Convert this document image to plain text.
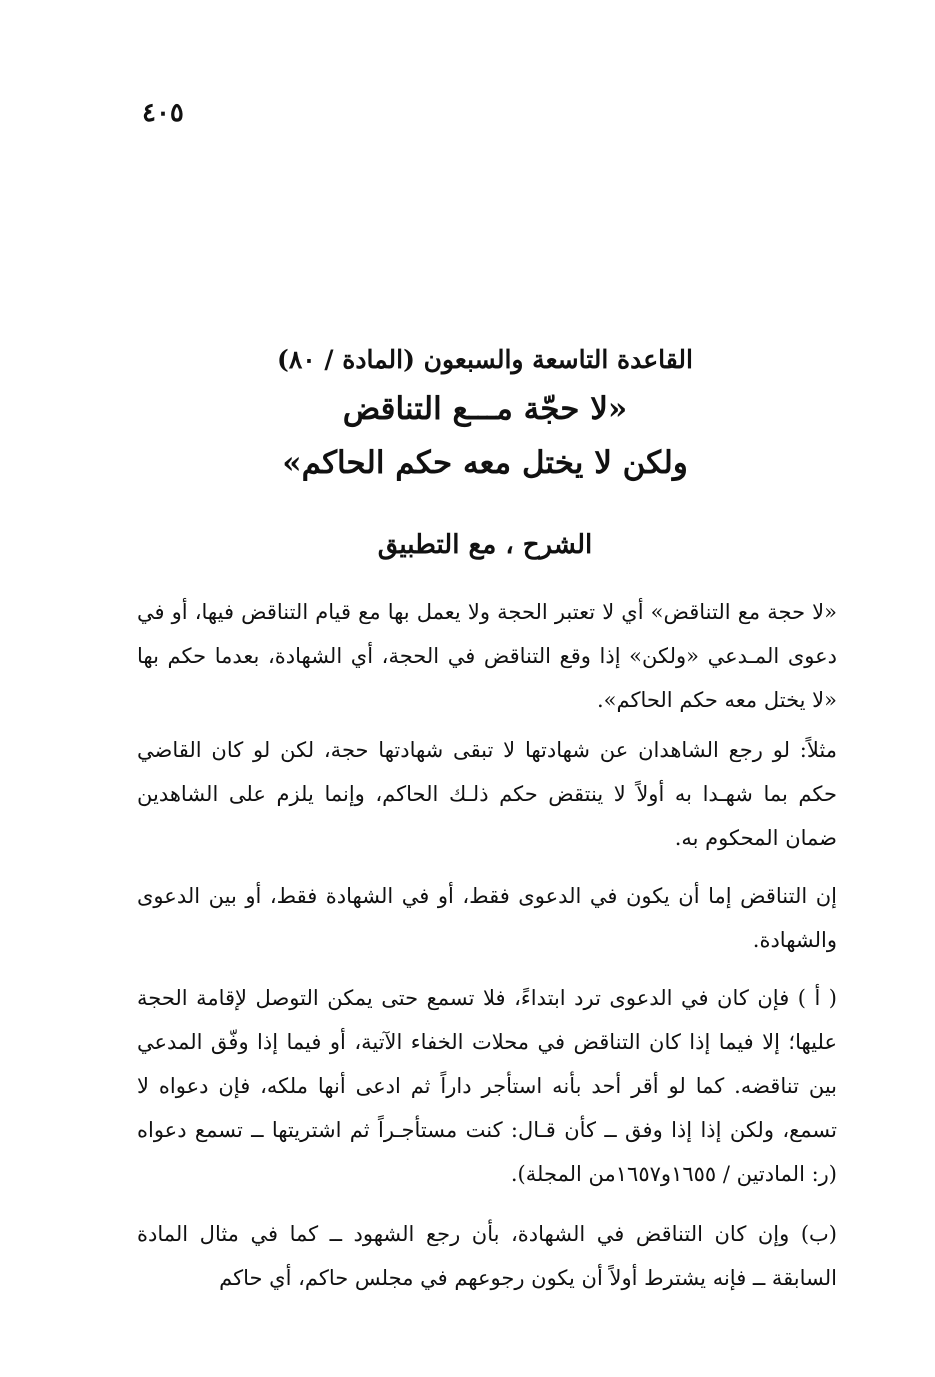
٤٠٥
القاعدة التاسعة والسبعون (المادة / ٨٠)
«لا حجّة مـــع التناقض
ولكن لا يختل معه حكم الحاكم»
الشرح ، مع التطبيق

«لا حجة مع التناقض» أي لا تعتبر الحجة ولا يعمل بها مع قيام التناقض فيها، أو في دعوى المـدعي «ولكن» إذا وقع التناقض في الحجة، أي الشهادة، بعدما حكم بها «لا يختل معه حكم الحاكم».

مثلاً: لو رجع الشاهدان عن شهادتها لا تبقى شهادتها حجة، لكن لو كان القاضي حكم بما شهـدا به أولاً لا ينتقض حكم ذلـك الحاكم، وإنما يلزم على الشاهدين ضمان المحكوم به.

إن التناقض إما أن يكون في الدعوى فقط، أو في الشهادة فقط، أو بين الدعوى والشهادة.

( أ ) فإن كان في الدعوى ترد ابتداءً، فلا تسمع حتى يمكن التوصل لإقامة الحجة عليها؛ إلا فيما إذا كان التناقض في محلات الخفاء الآتية، أو فيما إذا وفّق المدعي بين تناقضه. كما لو أقر أحد بأنه استأجر داراً ثم ادعى أنها ملكه، فإن دعواه لا تسمع، ولكن إذا إذا وفق ــ كأن قـال: كنت مستأجـراً ثم اشتريتها ــ تسمع دعواه (ر: المادتين / ١٦٥٥و١٦٥٧من المجلة).

(ب) وإن كان التناقض في الشهادة، بأن رجع الشهود ــ كما في مثال المادة السابقة ــ فإنه يشترط أولاً أن يكون رجوعهم في مجلس حاكم، أي حاكم
